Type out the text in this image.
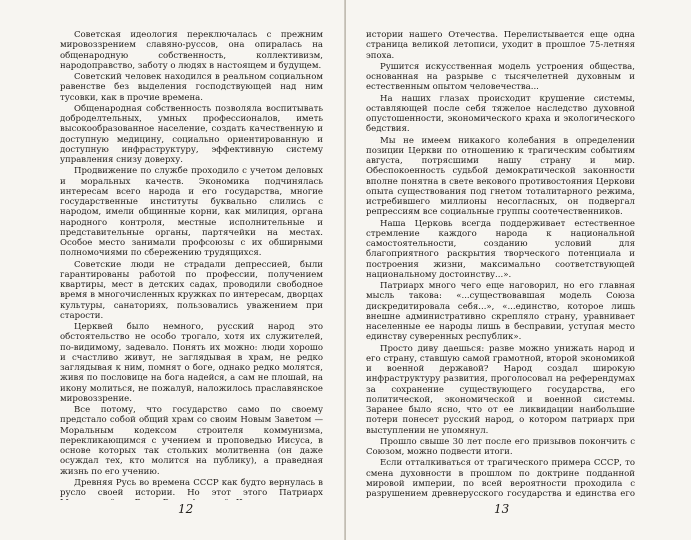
Советская идеология переключалась с прежним мировоззрением славяно-руссов, она опиралась на общенародную собственность, коллективизм, народоправство, заботу о людях в настоящем и будущем.

Советский человек находился в реальном социальном равенстве без выделения господствующей над ним тусовки, как в прочие времена.

Общенародная собственность позволяла воспитывать доброделтельных, умных профессионалов, иметь высокообразованное население, создать качественную и доступную медицину, социально ориентированную и доступную инфраструктуру, эффективную систему управления снизу доверху.

Продвижение по службе проходило с учетом деловых и моральных качеств. Экономика подчинялась интересам всего народа и его государства, многие государственные институты буквально слились с народом, имели общинные корни, как милиция, органа народного контроля, местные исполнительные и представительные органы, партячейки на местах. Особое место занимали профсоюзы с их обширными полномочиями по сбережению трудящихся.

Советские люди не страдали депрессией, были гарантированы работой по профессии, получением квартиры, мест в детских садах, проводили свободное время в многочисленных кружках по интересам, дворцах культуры, санаториях, пользовались уважением при старости.

Церквей было немного, русский народ это обстоятельство не особо трогало, хотя их служителей, по-видимому, задевало. Понять их можно: люди хорошо и счастливо живут, не заглядывая в храм, не редко заглядывая к ним, помнят о боге, однако редко молятся, живя по пословице на бога надейся, а сам не плошай, на икону молиться, не пожалуй, наложилось праславянское мировоззрение.

Все потому, что государство само по своему предстало собой общий храм со своим Новым Заветом — Моральным кодексом строителя коммунизма, перекликающимся с учением и проповедью Иисуса, в основе которых так стольких молитвенна (он даже осуждал тех, кто молится на публику), а праведная жизнь по его учению.

Древняя Русь во времена СССР как будто вернулась в русло своей истории. Но этот этого Патриарх

12

истории нашего Отечества. Перелистывается еще одна страница великой летописи, уходит в прошлое 75-летняя эпоха.

Рушится искусственная модель устроения общества, основанная на разрыве с тысячелетней духовным и естественным опытом человечества...

На наших глазах происходит крушение системы, оставляющей после себя тяжелое наследство духовной опустошенности, экономического краха и экологического бедствия.

Мы не имеем никакого колебания в определении позиции Церкви по отношению к трагическим событиям августа, потрясшими нашу страну и мир. Обеспокоенность судьбой демократической законности вполне понятна в свете векового противостояния Церкови опыта существования под гнетом тоталитарного режима, истребившего миллионы несогласных, он подвергал репрессиям все социальные группы соотечественников.

Наша Церковь всегда поддерживает естественное стремление каждого народа к национальной самостоятельности, созданию условий для благоприятного раскрытия творческого потенциала и построения жизни, максимально соответствующей национальному достоинству...».

Патриарх много чего еще наговорил, но его главная мысль такова: «...существовавшая модель Союза дискредитировала себя...», «...единство, которое лишь внешне административно скрепляло страну, уравнивает населенные ее народы лишь в бесправии, уступая место единству суверенных республик».

Просто диву даешься: разве можно унижать народ и его страну, ставшую самой грамотной, второй экономикой и военной державой? Народ создал широкую инфраструктуру развития, проголосовал на референдумах за сохранение существующего государства, его политической, экономической и военной системы. Заранее было ясно, что от ее ликвидации наибольшие потери понесет русский народ, о котором патриарх при выступлении не упомянул.

Прошло свыше 30 лет после его призывов покончить с Союзом, можно подвести итоги.

Если отталкиваться от трагического примера СССР, то смена духовности в прошлом по доктрине подданной мировой империи, по всей вероятности проходила с разрушением древнерусского государства и единства его

13
